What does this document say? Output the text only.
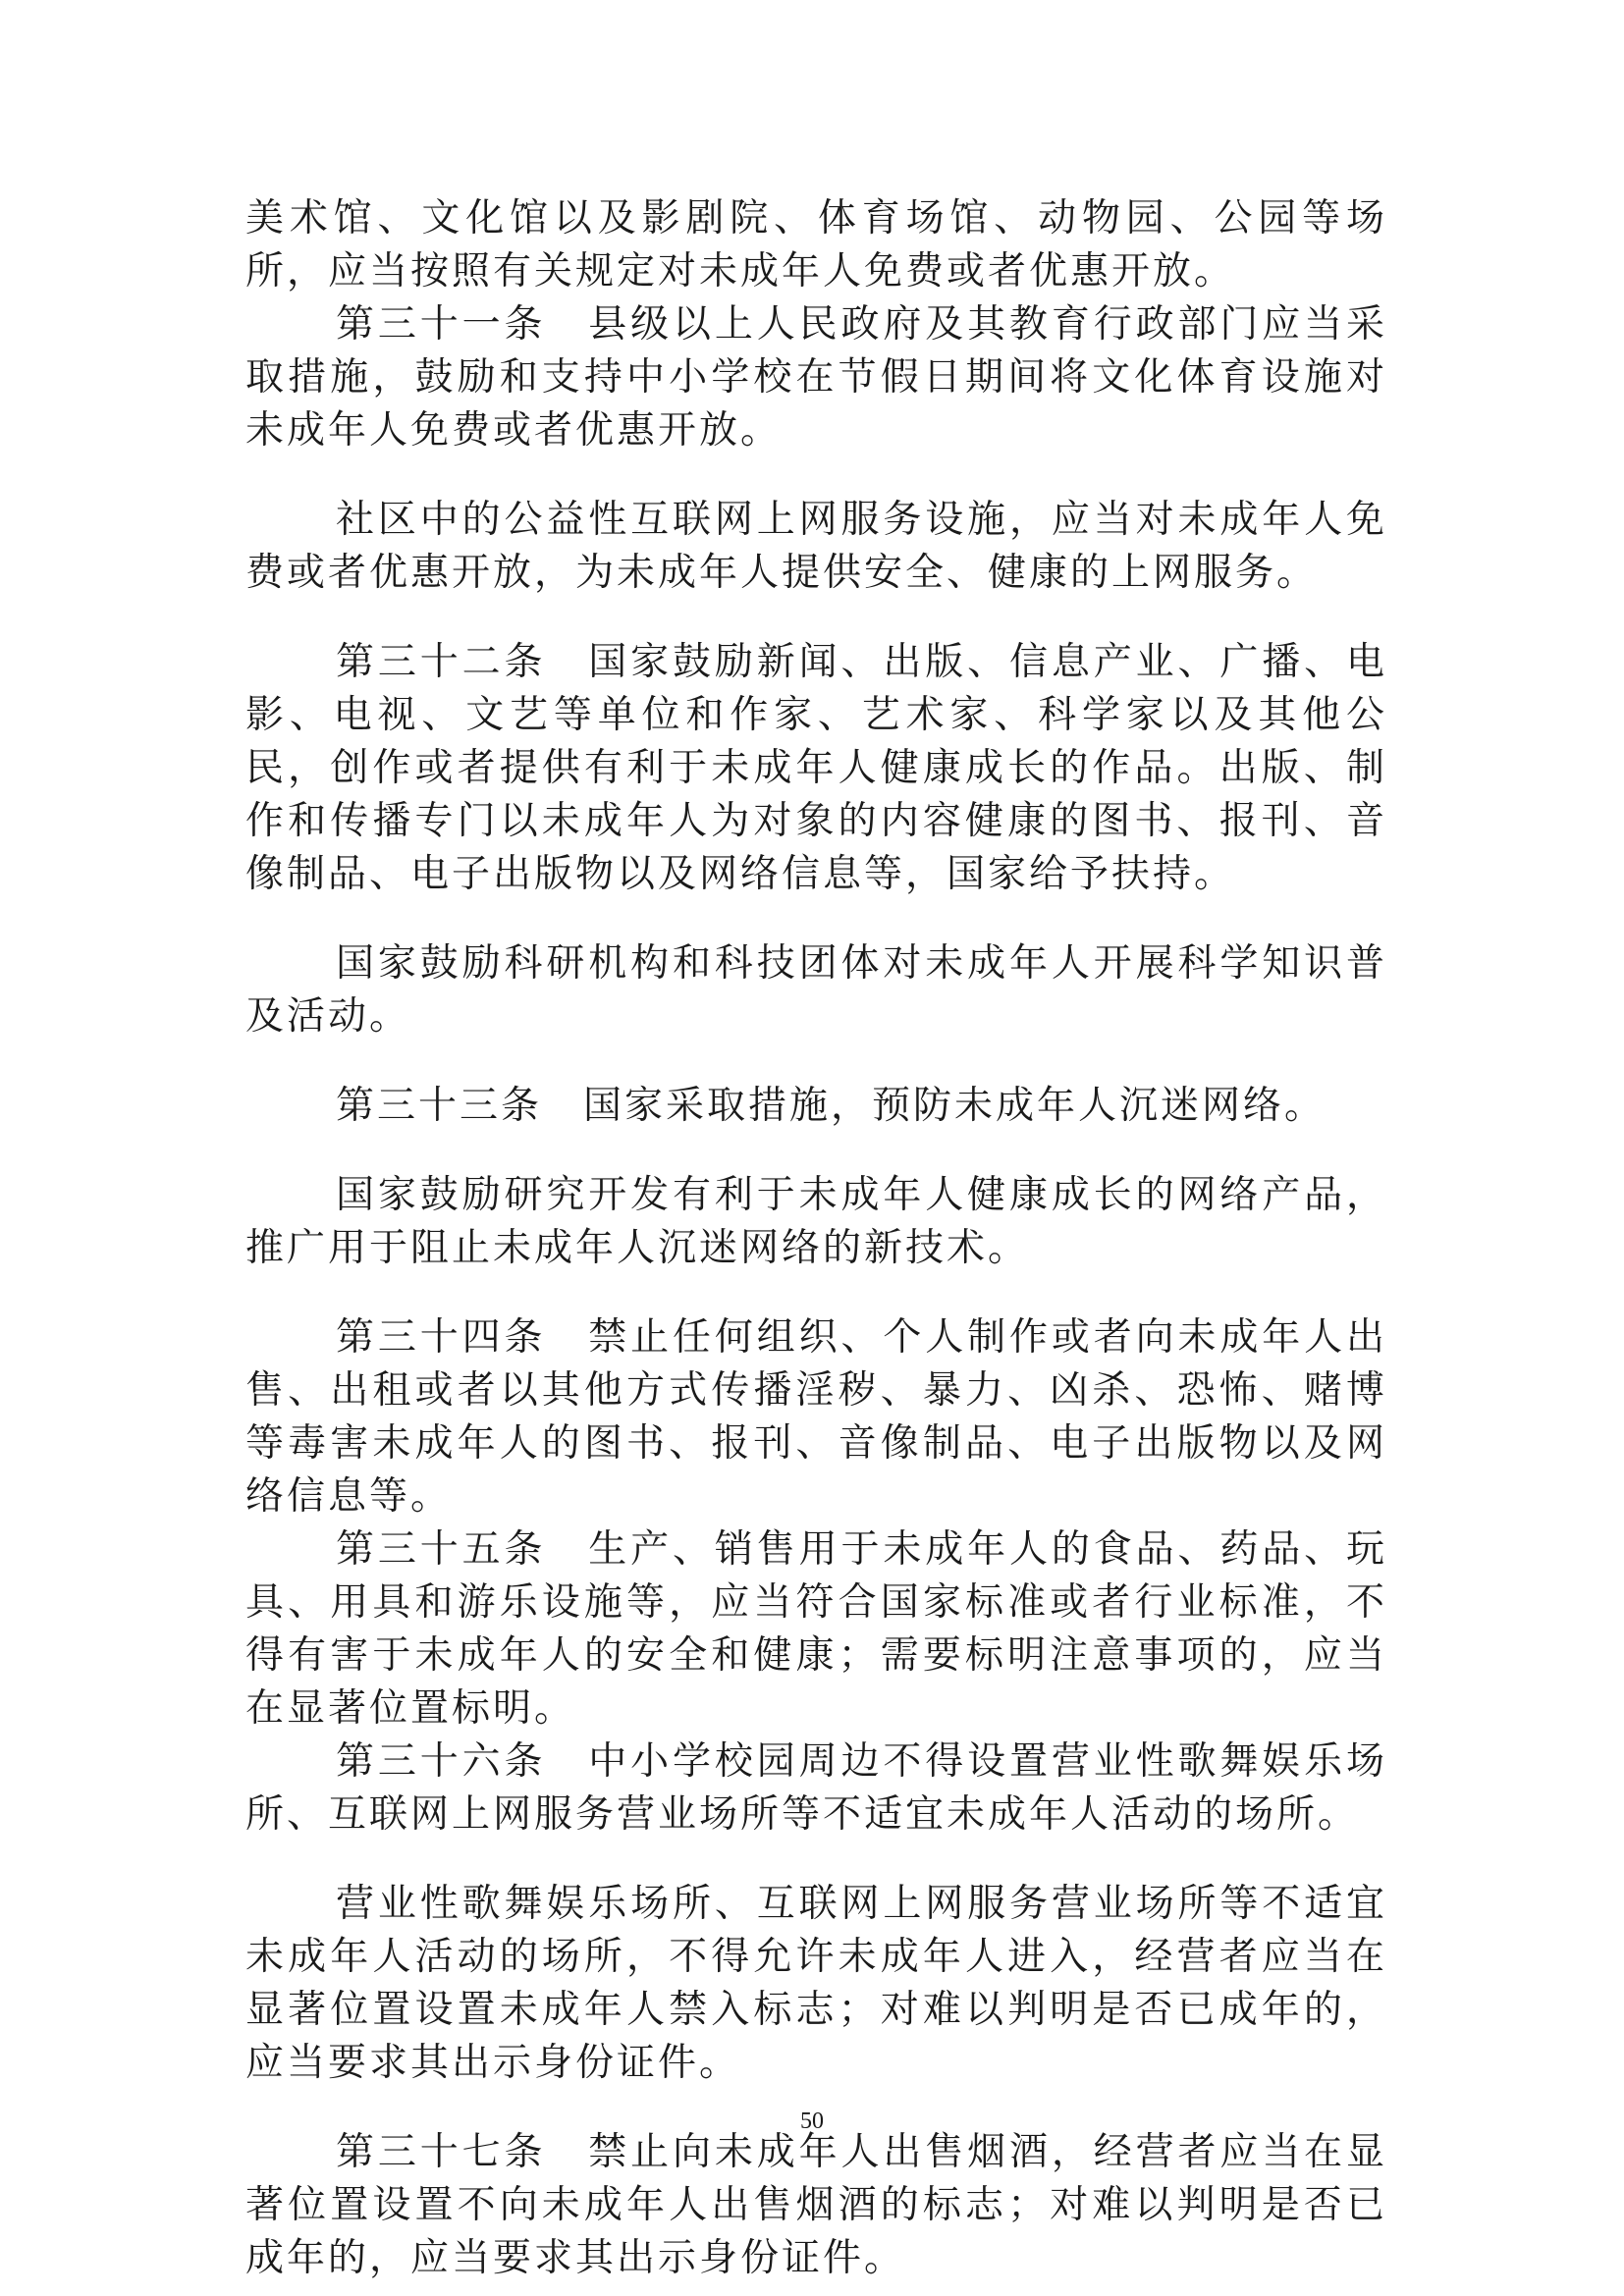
美术馆、文化馆以及影剧院、体育场馆、动物园、公园等场所，应当按照有关规定对未成年人免费或者优惠开放。

第三十一条　县级以上人民政府及其教育行政部门应当采取措施，鼓励和支持中小学校在节假日期间将文化体育设施对未成年人免费或者优惠开放。

社区中的公益性互联网上网服务设施，应当对未成年人免费或者优惠开放，为未成年人提供安全、健康的上网服务。

第三十二条　国家鼓励新闻、出版、信息产业、广播、电影、电视、文艺等单位和作家、艺术家、科学家以及其他公民，创作或者提供有利于未成年人健康成长的作品。出版、制作和传播专门以未成年人为对象的内容健康的图书、报刊、音像制品、电子出版物以及网络信息等，国家给予扶持。

国家鼓励科研机构和科技团体对未成年人开展科学知识普及活动。

第三十三条　国家采取措施，预防未成年人沉迷网络。

国家鼓励研究开发有利于未成年人健康成长的网络产品，推广用于阻止未成年人沉迷网络的新技术。

第三十四条　禁止任何组织、个人制作或者向未成年人出售、出租或者以其他方式传播淫秽、暴力、凶杀、恐怖、赌博等毒害未成年人的图书、报刊、音像制品、电子出版物以及网络信息等。

第三十五条　生产、销售用于未成年人的食品、药品、玩具、用具和游乐设施等，应当符合国家标准或者行业标准，不得有害于未成年人的安全和健康；需要标明注意事项的，应当在显著位置标明。

第三十六条　中小学校园周边不得设置营业性歌舞娱乐场所、互联网上网服务营业场所等不适宜未成年人活动的场所。

营业性歌舞娱乐场所、互联网上网服务营业场所等不适宜未成年人活动的场所，不得允许未成年人进入，经营者应当在显著位置设置未成年人禁入标志；对难以判明是否已成年的，应当要求其出示身份证件。

第三十七条　禁止向未成年人出售烟酒，经营者应当在显著位置设置不向未成年人出售烟酒的标志；对难以判明是否已成年的，应当要求其出示身份证件。

50
